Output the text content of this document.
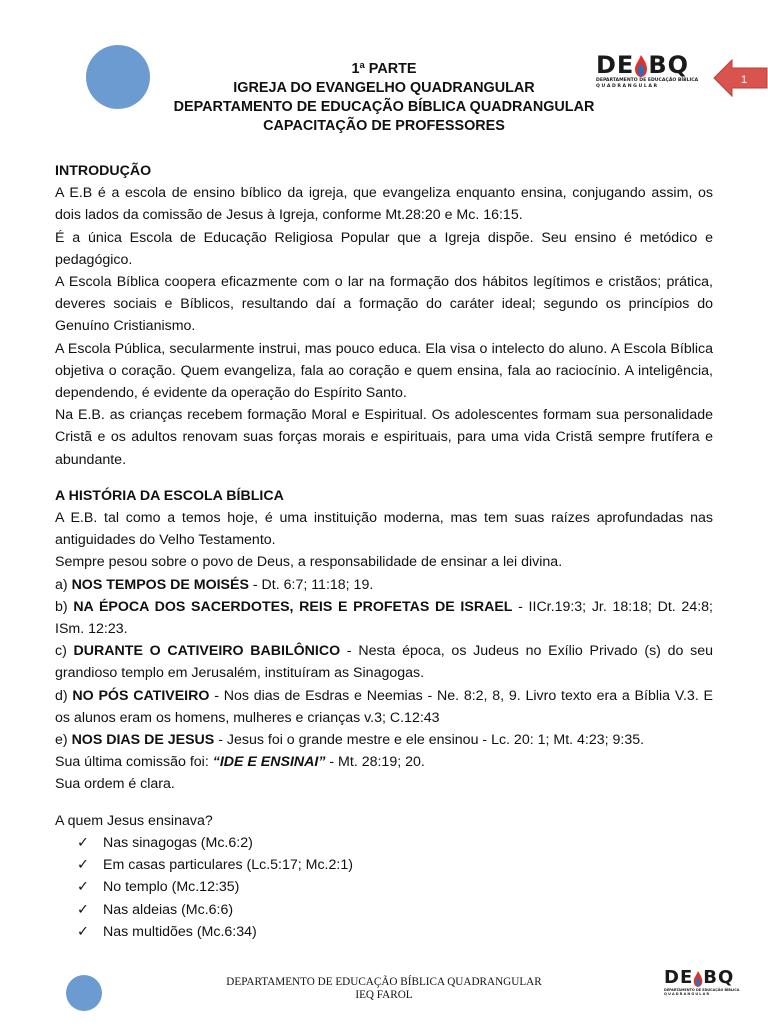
1ª PARTE
IGREJA DO EVANGELHO QUADRANGULAR
DEPARTAMENTO DE EDUCAÇÃO BÍBLICA QUADRANGULAR
CAPACITAÇÃO DE PROFESSORES
DE BQ
DEPARTAMENTO DE EDUCAÇÃO BÍBLICA
Q U A D R A N G U L A R
1
INTRODUÇÃO

A E.B é a escola de ensino bíblico da igreja, que evangeliza enquanto ensina, conjugando assim, os dois lados da comissão de Jesus à Igreja, conforme Mt.28:20 e Mc. 16:15.

É a única Escola de Educação Religiosa Popular que a Igreja dispõe. Seu ensino é metódico e pedagógico.

A Escola Bíblica coopera eficazmente com o lar na formação dos hábitos legítimos e cristãos; prática, deveres sociais e Bíblicos, resultando daí a formação do caráter ideal; segundo os princípios do Genuíno Cristianismo.

A Escola Pública, secularmente instrui, mas pouco educa. Ela visa o intelecto do aluno. A Escola Bíblica objetiva o coração. Quem evangeliza, fala ao coração e quem ensina, fala ao raciocínio. A inteligência, dependendo, é evidente da operação do Espírito Santo.

Na E.B. as crianças recebem formação Moral e Espiritual. Os adolescentes formam sua personalidade Cristã e os adultos renovam suas forças morais e espirituais, para uma vida Cristã sempre frutífera e abundante.

A HISTÓRIA DA ESCOLA BÍBLICA

A E.B. tal como a temos hoje, é uma instituição moderna, mas tem suas raízes aprofundadas nas antiguidades do Velho Testamento.

Sempre pesou sobre o povo de Deus, a responsabilidade de ensinar a lei divina.

a) NOS TEMPOS DE MOISÉS - Dt. 6:7; 11:18; 19.

b) NA ÉPOCA DOS SACERDOTES, REIS E PROFETAS DE ISRAEL - IICr.19:3; Jr. 18:18; Dt. 24:8; ISm. 12:23.

c) DURANTE O CATIVEIRO BABILÔNICO - Nesta época, os Judeus no Exílio Privado (s) do seu grandioso templo em Jerusalém, instituíram as Sinagogas.

d) NO PÓS CATIVEIRO - Nos dias de Esdras e Neemias - Ne. 8:2, 8, 9. Livro texto era a Bíblia V.3. E os alunos eram os homens, mulheres e crianças v.3; C.12:43

e) NOS DIAS DE JESUS - Jesus foi o grande mestre e ele ensinou - Lc. 20: 1; Mt. 4:23; 9:35.

Sua última comissão foi: “IDE E ENSINAI” - Mt. 28:19; 20.

Sua ordem é clara.

A quem Jesus ensinava?

✓ Nas sinagogas (Mc.6:2)
✓ Em casas particulares (Lc.5:17; Mc.2:1)
✓ No templo (Mc.12:35)
✓ Nas aldeias (Mc.6:6)
✓ Nas multidões (Mc.6:34)
DEPARTAMENTO DE EDUCAÇÃO BÍBLICA QUADRANGULAR
IEQ FAROL
DE BQ
DEPARTAMENTO DE EDUCAÇÃO BÍBLICA
Q U A D R A N G U L A R
